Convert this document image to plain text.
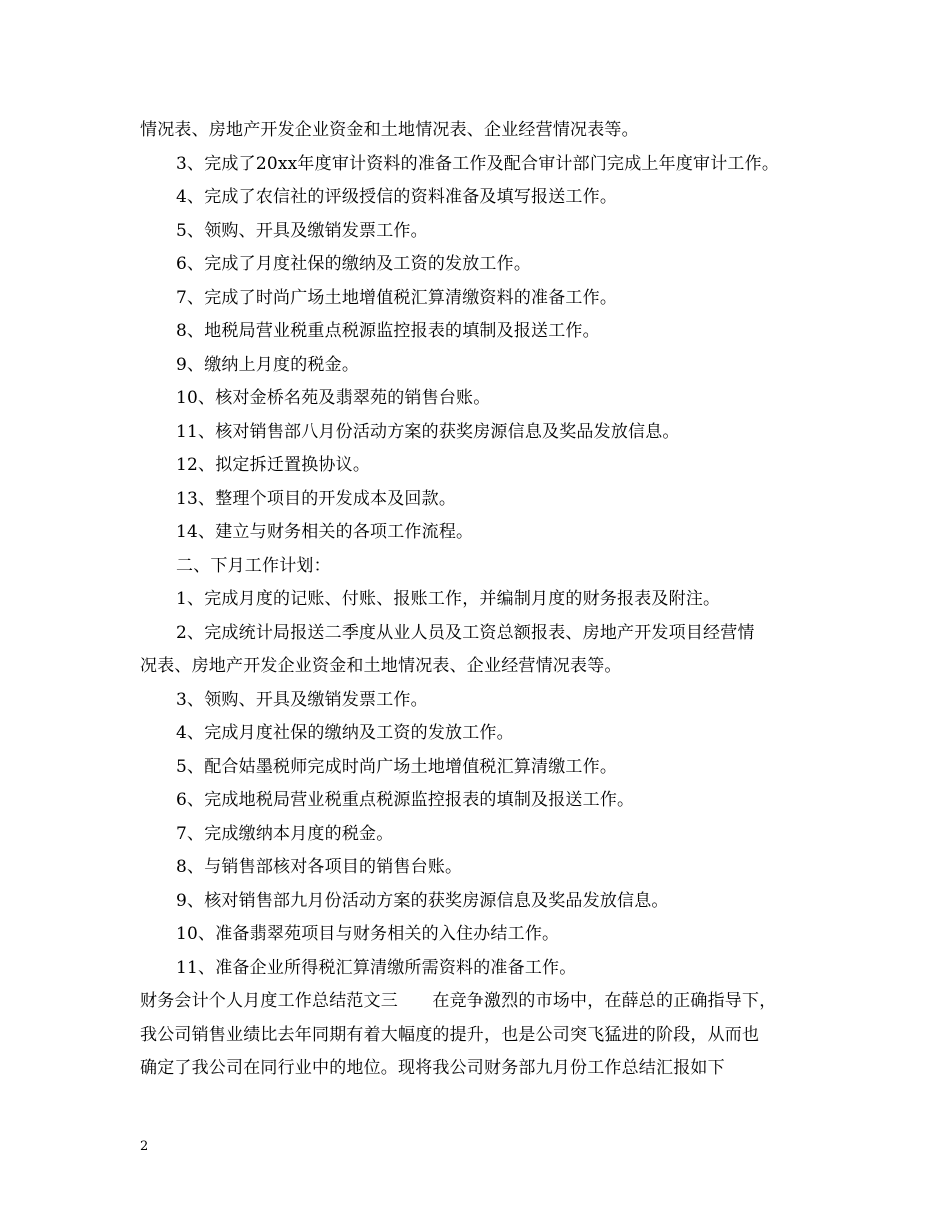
情况表、房地产开发企业资金和土地情况表、企业经营情况表等。
3、完成了20xx年度审计资料的准备工作及配合审计部门完成上年度审计工作。
4、完成了农信社的评级授信的资料准备及填写报送工作。
5、领购、开具及缴销发票工作。
6、完成了月度社保的缴纳及工资的发放工作。
7、完成了时尚广场土地增值税汇算清缴资料的准备工作。
8、地税局营业税重点税源监控报表的填制及报送工作。
9、缴纳上月度的税金。
10、核对金桥名苑及翡翠苑的销售台账。
11、核对销售部八月份活动方案的获奖房源信息及奖品发放信息。
12、拟定拆迁置换协议。
13、整理个项目的开发成本及回款。
14、建立与财务相关的各项工作流程。
二、下月工作计划：
1、完成月度的记账、付账、报账工作，并编制月度的财务报表及附注。
2、完成统计局报送二季度从业人员及工资总额报表、房地产开发项目经营情
况表、房地产开发企业资金和土地情况表、企业经营情况表等。
3、领购、开具及缴销发票工作。
4、完成月度社保的缴纳及工资的发放工作。
5、配合姑墨税师完成时尚广场土地增值税汇算清缴工作。
6、完成地税局营业税重点税源监控报表的填制及报送工作。
7、完成缴纳本月度的税金。
8、与销售部核对各项目的销售台账。
9、核对销售部九月份活动方案的获奖房源信息及奖品发放信息。
10、准备翡翠苑项目与财务相关的入住办结工作。
11、准备企业所得税汇算清缴所需资料的准备工作。
财务会计个人月度工作总结范文三　　在竞争激烈的市场中，在薛总的正确指导下，
我公司销售业绩比去年同期有着大幅度的提升，也是公司突飞猛进的阶段，从而也
确定了我公司在同行业中的地位。现将我公司财务部九月份工作总结汇报如下
2
